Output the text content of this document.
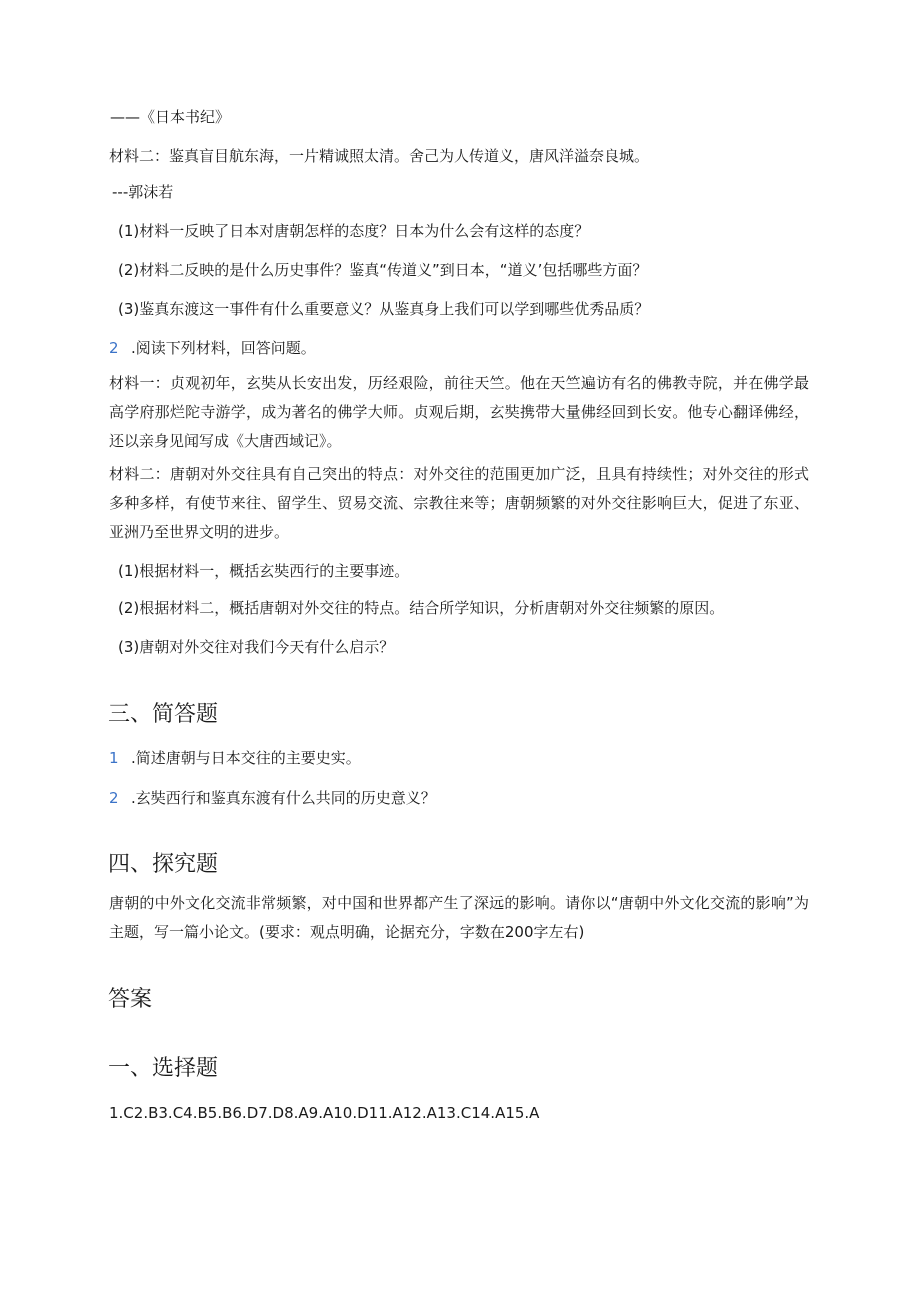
——《日本书纪》
材料二：鉴真盲目航东海，一片精诚照太清。舍己为人传道义，唐风洋溢奈良城。
---郭沫若
(1)材料一反映了日本对唐朝怎样的态度？日本为什么会有这样的态度？
(2)材料二反映的是什么历史事件？鉴真“传道义”到日本，“道义’包括哪些方面？
(3)鉴真东渡这一事件有什么重要意义？从鉴真身上我们可以学到哪些优秀品质？
2 .阅读下列材料，回答问题。
材料一：贞观初年，玄奘从长安出发，历经艰险，前往天竺。他在天竺遍访有名的佛教寺院，并在佛学最高学府那烂陀寺游学，成为著名的佛学大师。贞观后期，玄奘携带大量佛经回到长安。他专心翻译佛经，还以亲身见闻写成《大唐西域记》。
材料二：唐朝对外交往具有自己突出的特点：对外交往的范围更加广泛，且具有持续性；对外交往的形式多种多样，有使节来往、留学生、贸易交流、宗教往来等；唐朝频繁的对外交往影响巨大，促进了东亚、亚洲乃至世界文明的进步。
(1)根据材料一，概括玄奘西行的主要事迹。
(2)根据材料二，概括唐朝对外交往的特点。结合所学知识，分析唐朝对外交往频繁的原因。
(3)唐朝对外交往对我们今天有什么启示？
三、简答题
1 .简述唐朝与日本交往的主要史实。
2 .玄奘西行和鉴真东渡有什么共同的历史意义？
四、探究题
唐朝的中外文化交流非常频繁，对中国和世界都产生了深远的影响。请你以“唐朝中外文化交流的影响”为主题，写一篇小论文。(要求：观点明确，论据充分，字数在200字左右)
答案
一、选择题
1.C2.B3.C4.B5.B6.D7.D8.A9.A10.D11.A12.A13.C14.A15.A
